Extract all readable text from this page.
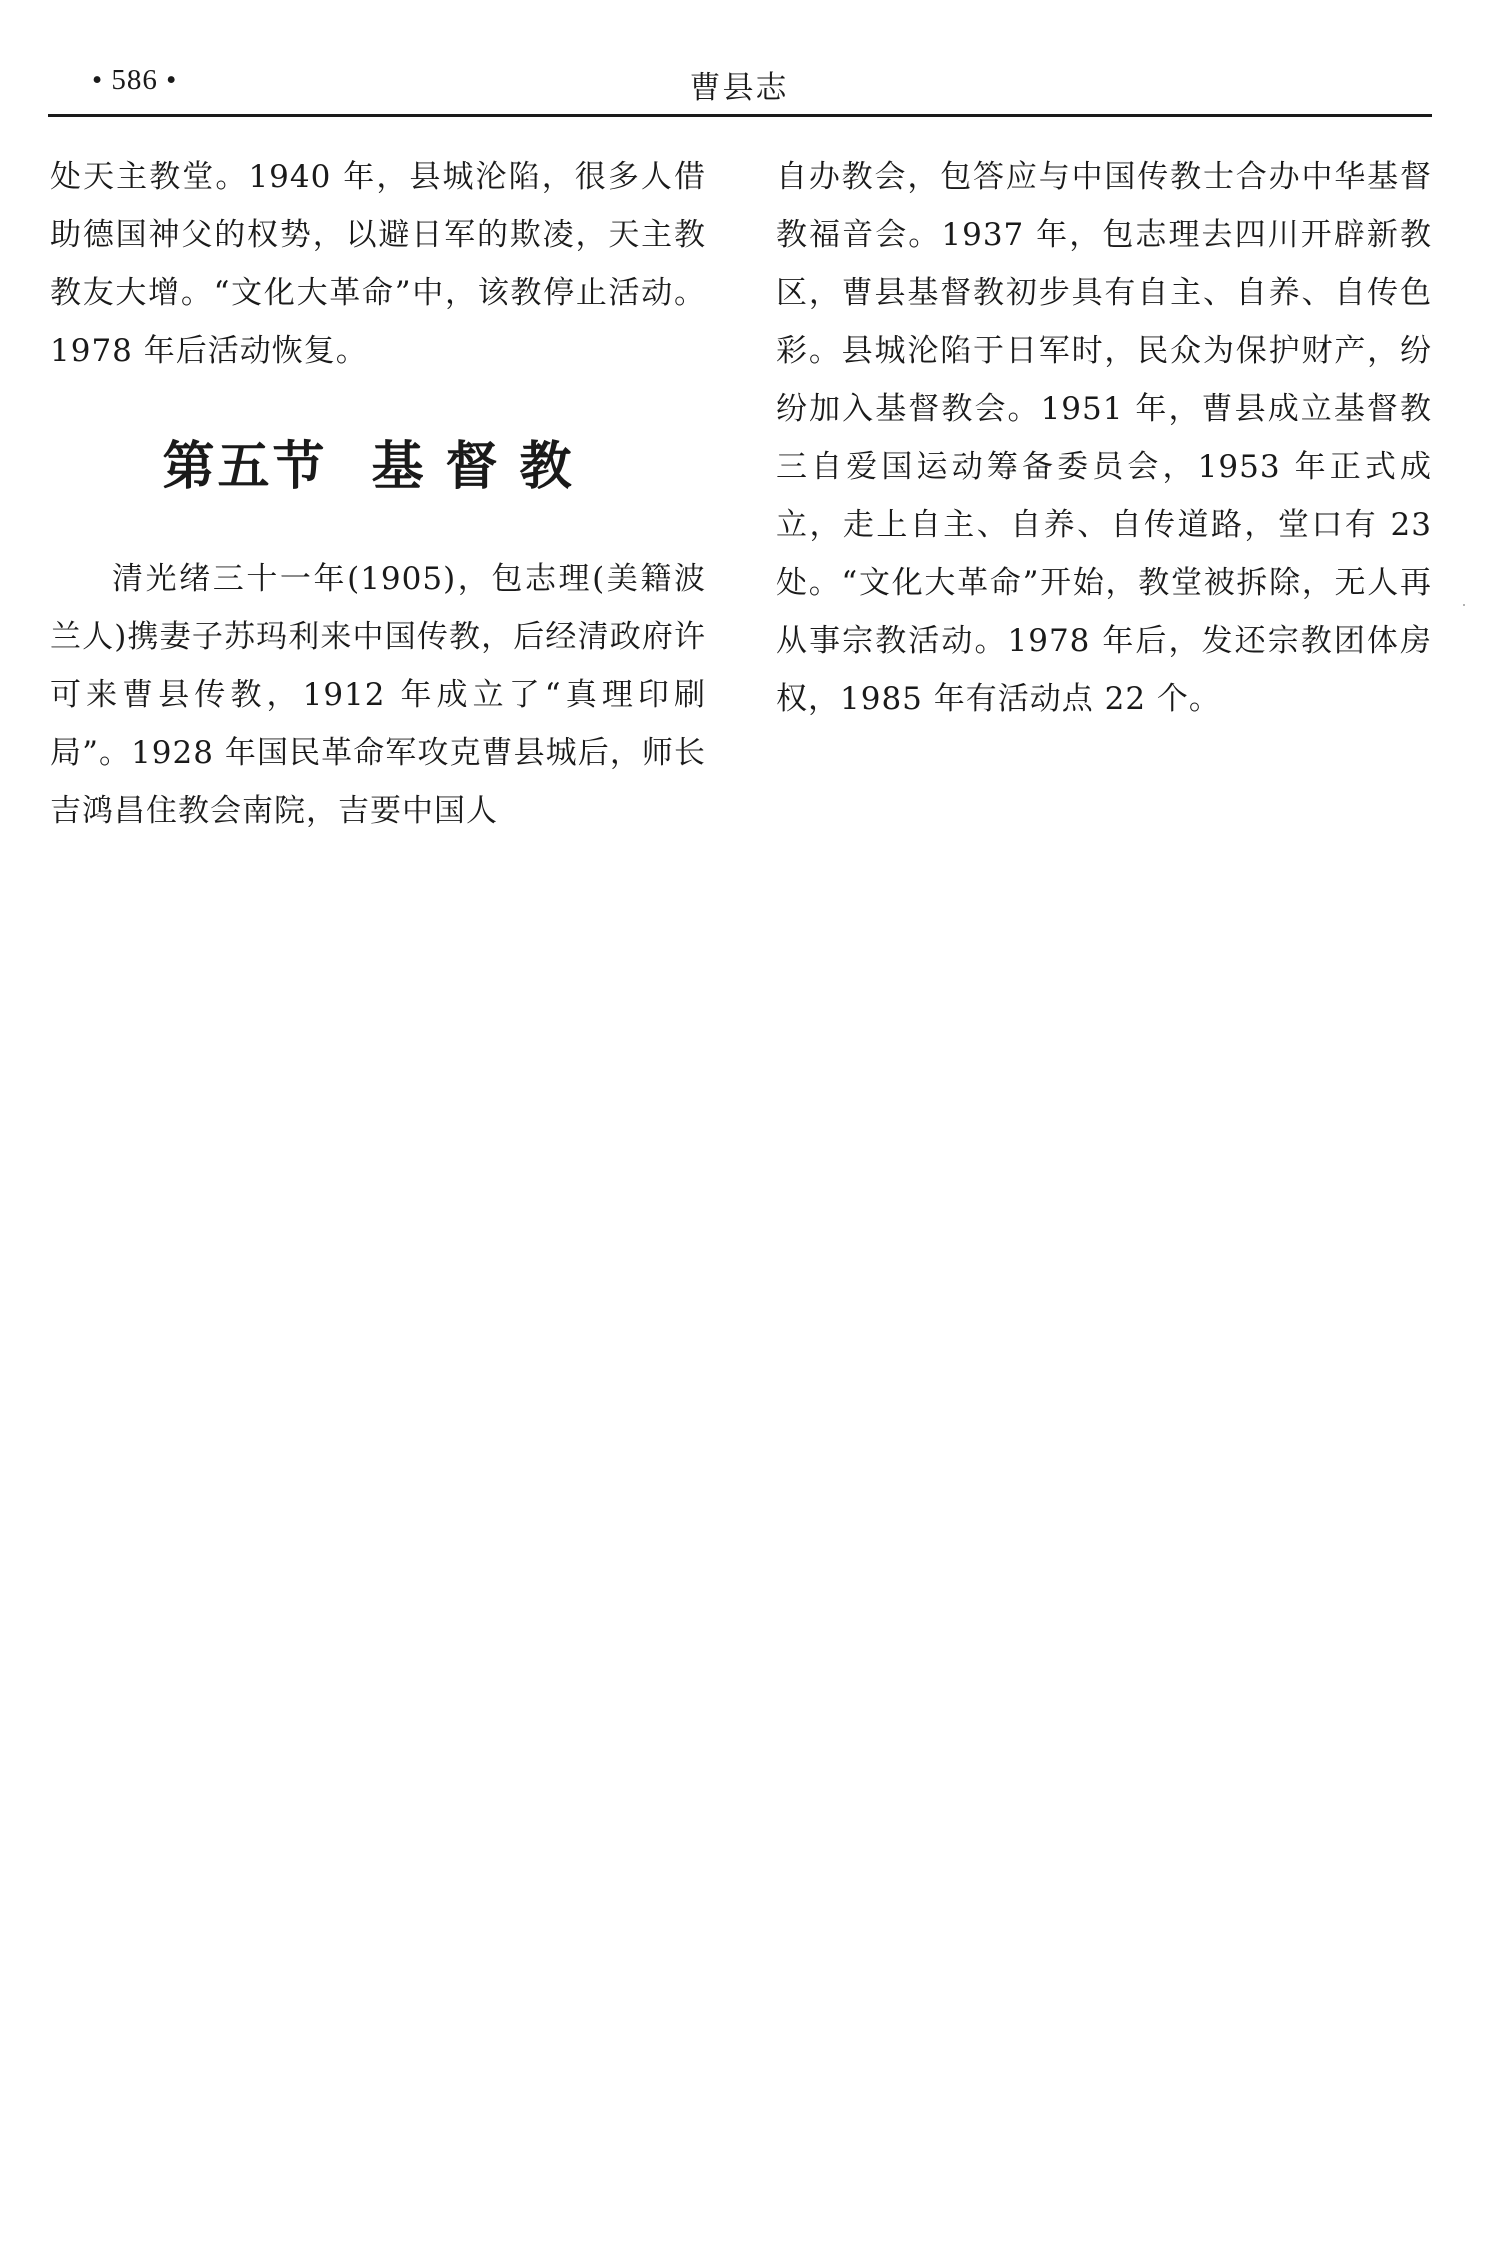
• 586 •	曹县志

处天主教堂。1940 年，县城沦陷，很多人借助德国神父的权势，以避日军的欺凌，天主教教友大增。“文化大革命”中，该教停止活动。1978 年后活动恢复。

第五节 基督教

清光绪三十一年(1905)，包志理(美籍波兰人)携妻子苏玛利来中国传教，后经清政府许可来曹县传教，1912 年成立了“真理印刷局”。1928 年国民革命军攻克曹县城后，师长吉鸿昌住教会南院，吉要中国人

自办教会，包答应与中国传教士合办中华基督教福音会。1937 年，包志理去四川开辟新教区，曹县基督教初步具有自主、自养、自传色彩。县城沦陷于日军时，民众为保护财产，纷纷加入基督教会。1951 年，曹县成立基督教三自爱国运动筹备委员会，1953 年正式成立，走上自主、自养、自传道路，堂口有 23 处。“文化大革命”开始，教堂被拆除，无人再从事宗教活动。1978 年后，发还宗教团体房权，1985 年有活动点 22 个。
